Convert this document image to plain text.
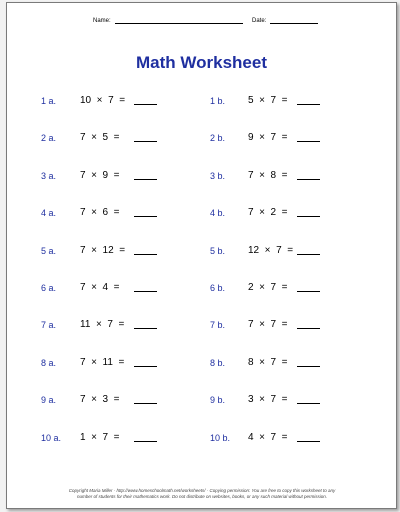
Name:	Date:
Math Worksheet
1 a. 10  ×  7  =	1 b. 5  ×  7  =
2 a. 7  ×  5  =	2 b. 9  ×  7  =
3 a. 7  ×  9  =	3 b. 7  ×  8  =
4 a. 7  ×  6  =	4 b. 7  ×  2  =
5 a. 7  ×  12  =	5 b. 12  ×  7  =
6 a. 7  ×  4  =	6 b. 2  ×  7  =
7 a. 11  ×  7  =	7 b. 7  ×  7  =
8 a. 7  ×  11  =	8 b. 8  ×  7  =
9 a. 7  ×  3  =	9 b. 3  ×  7  =
10 a. 1  ×  7  =	10 b. 4  ×  7  =
Copyright Maria Miller · http://www.homeschoolmath.net/worksheets/ · Copying permission: You are free to copy this worksheet to any
number of students for their mathematics work. Do not distribute on websites, books, or any such material without permission.
